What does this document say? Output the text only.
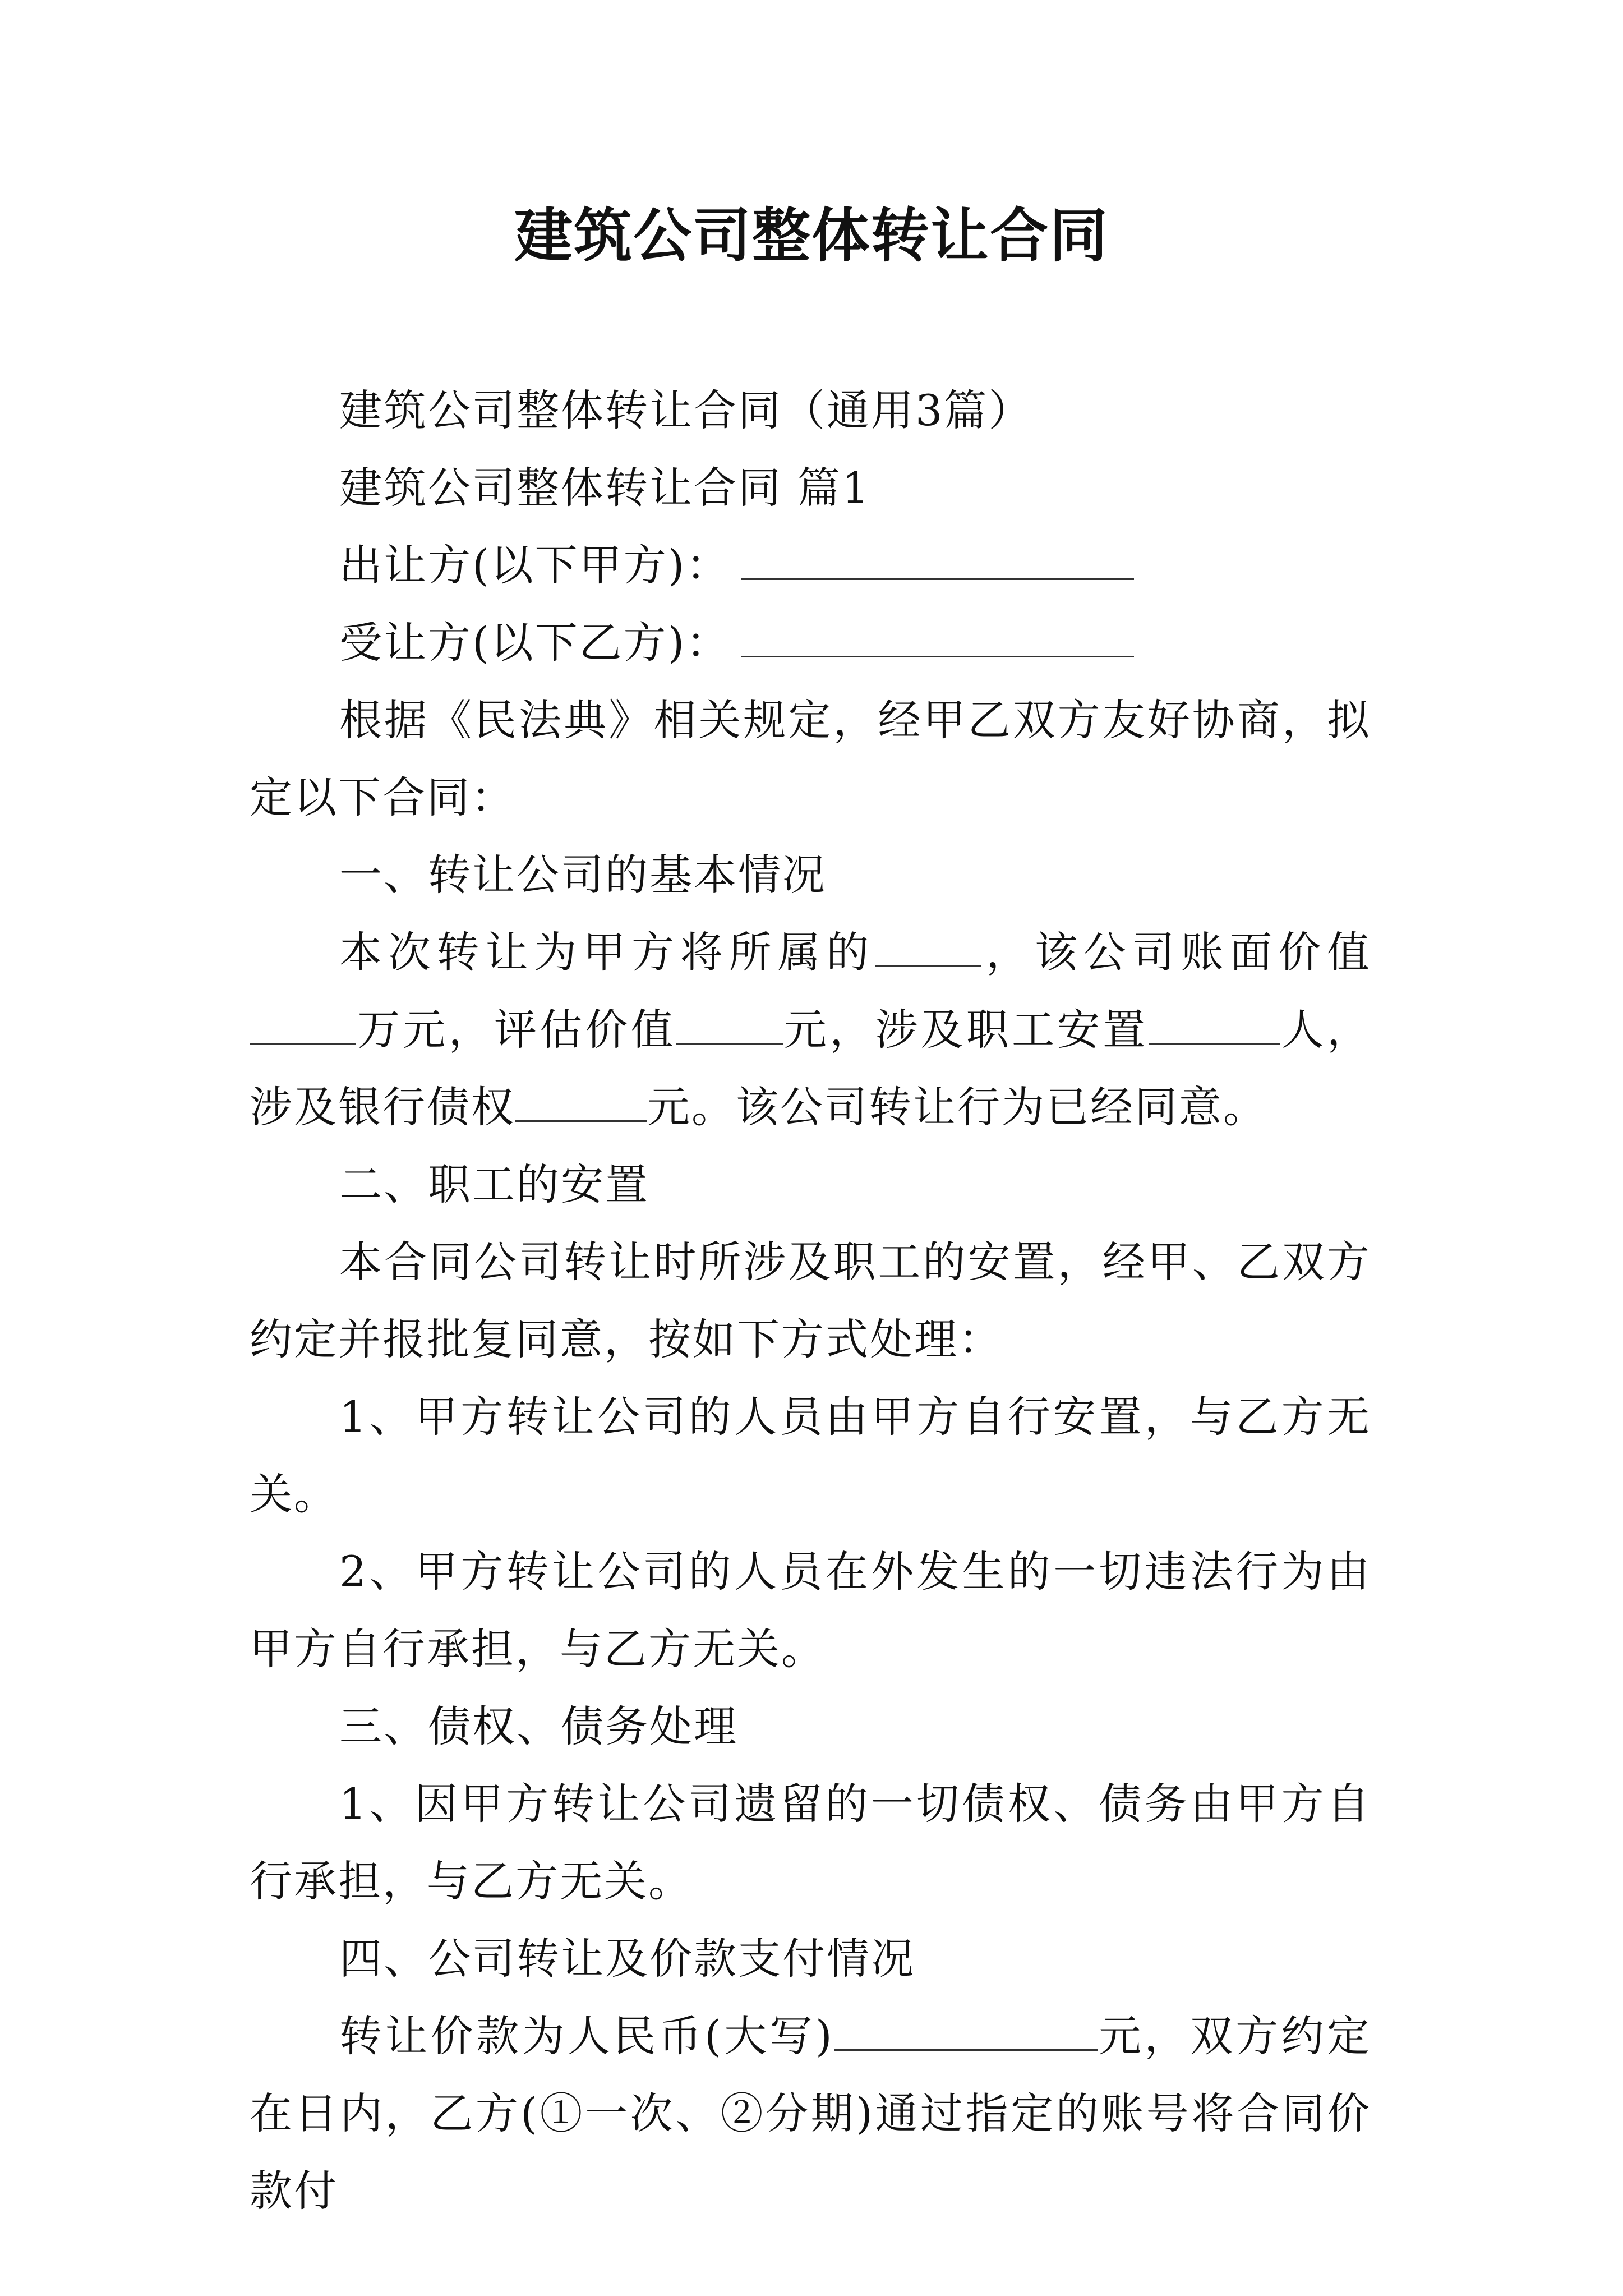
建筑公司整体转让合同

建筑公司整体转让合同（通用3篇）

建筑公司整体转让合同 篇1

出让方(以下甲方)：

受让方(以下乙方)：

根据《民法典》相关规定，经甲乙双方友好协商，拟定以下合同：

一、转让公司的基本情况

本次转让为甲方将所属的	，该公司账面价值万元，评估价值	元，涉及职工安置	人，涉及银行债权	元。该公司转让行为已经同意。

二、职工的安置

本合同公司转让时所涉及职工的安置，经甲、乙双方约定并报批复同意，按如下方式处理：

1、甲方转让公司的人员由甲方自行安置，与乙方无关。

2、甲方转让公司的人员在外发生的一切违法行为由甲方自行承担，与乙方无关。

三、债权、债务处理

1、因甲方转让公司遗留的一切债权、债务由甲方自行承担，与乙方无关。

四、公司转让及价款支付情况

转让价款为人民币(大写)	元，双方约定在日内，乙方(①一次、②分期)通过指定的账号将合同价款付
